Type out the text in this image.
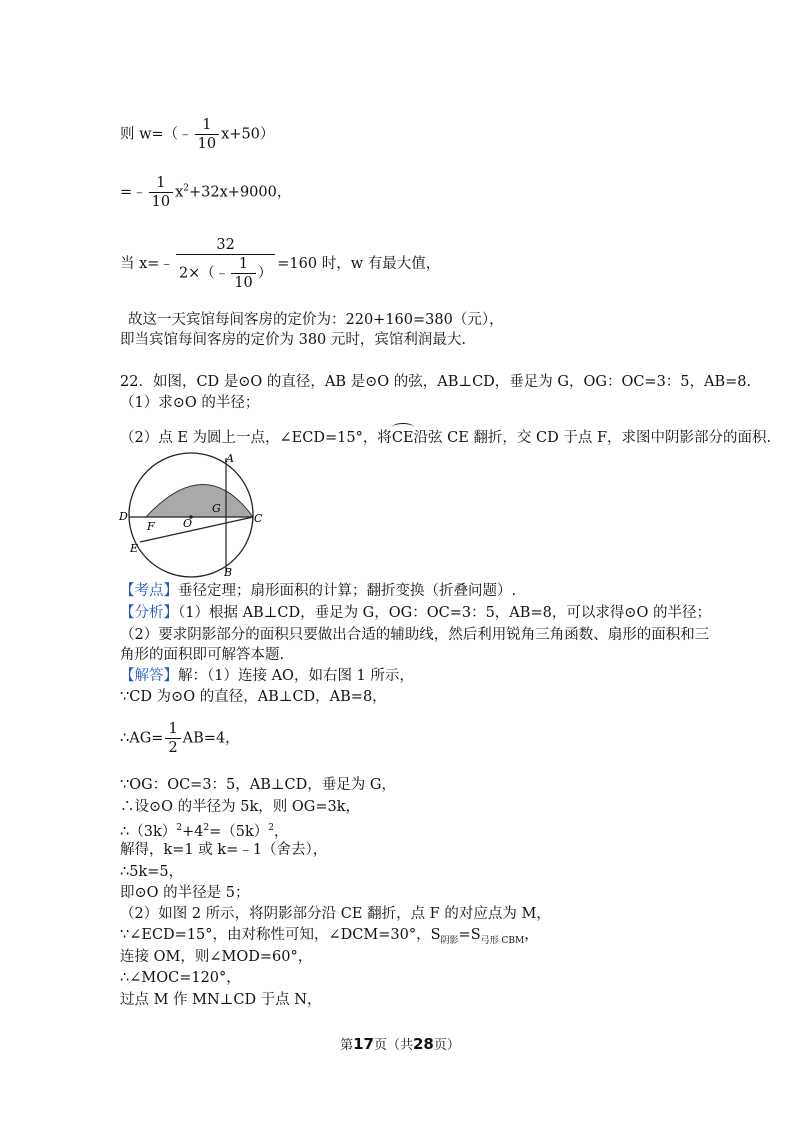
则 w=（﹣ $\frac{1}{10} x+50$）
=﹣ $\frac{1}{10} x^2+32x+9000$，
当 x=﹣ $\frac{32}{2\times(﹣ \frac{1}{10} )} =160$ 时，w 有最大值，
故这一天宾馆每间客房的定价为：220+160=380（元），
即当宾馆每间客房的定价为 380 元时，宾馆利润最大.
22．如图，CD 是⊙O 的直径，AB 是⊙O 的弦，AB⊥CD，垂足为 G，OG：OC=3：5，AB=8.
（1）求⊙O 的半径；
（2）点 E 为圆上一点，∠ECD=15°，将CE沿弦 CE 翻折，交 CD 于点 F，求图中阴影部分的面积.
A
G
D
F	O	C
E
B
【考点】垂径定理；扇形面积的计算；翻折变换（折叠问题）.
【分析】（1）根据 AB⊥CD，垂足为 G，OG：OC=3：5，AB=8，可以求得⊙O 的半径；
（2）要求阴影部分的面积只要做出合适的辅助线，然后利用锐角三角函数、扇形的面积和三
角形的面积即可解答本题.
【解答】解：（1）连接 AO，如右图 1 所示，
∵CD 为⊙O 的直径，AB⊥CD，AB=8，
∴AG= $\frac{1}{2} AB=4$，
∵OG：OC=3：5，AB⊥CD，垂足为 G，
∴设⊙O 的半径为 5k，则 OG=3k，
$\therefore(3k)^2+4^2=(5k)^2$，
解得，k=1 或 k=﹣1（舍去），
∴5k=5，
即⊙O 的半径是 5；
（2）如图 2 所示，将阴影部分沿 CE 翻折，点 F 的对应点为 M，
∵∠ECD=15°，由对称性可知，∠DCM=30°，$S_{阴影}=S_{弓形 CBM}$，
连接 OM，则∠MOD=60°，
∴∠MOC=120°，
过点 M 作 MN⊥CD 于点 N，
第17页（共28页）
